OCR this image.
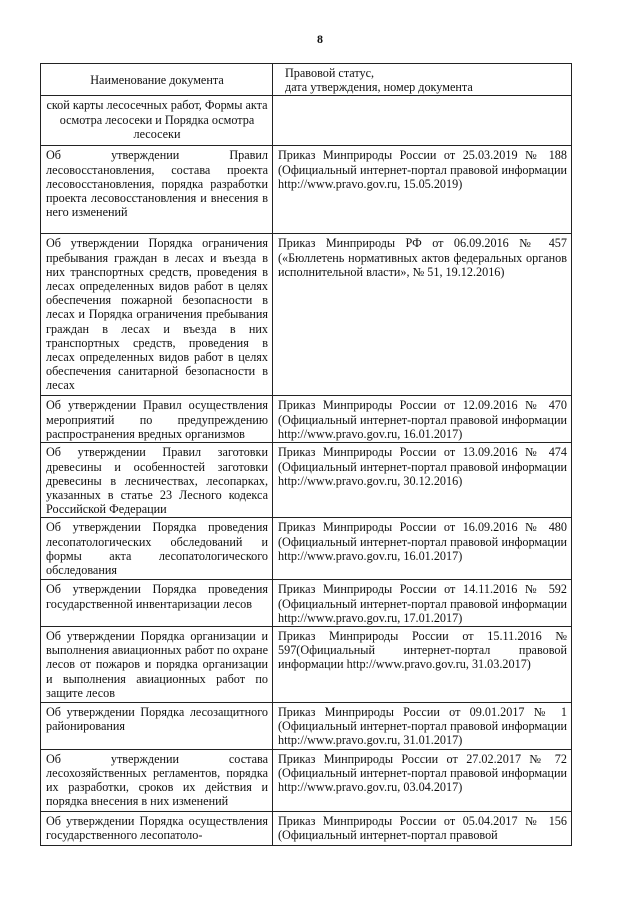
8
Наименование документа	Правовой статус,
дата утверждения, номер документа

ской карты лесосечных работ, Формы акта осмотра лесосеки и Порядка осмотра лесосеки	
Об утверждении Правил лесовосстановления, состава проекта лесовосстановления, порядка разработки проекта лесовосстановления и внесения в него изменений	Приказ Минприроды России от 25.03.2019 № 188 (Официальный интернет-портал правовой информации http://www.pravo.gov.ru, 15.05.2019)
Об утверждении Порядка ограничения пребывания граждан в лесах и въезда в них транспортных средств, проведения в лесах определенных видов работ в целях обеспечения пожарной безопасности в лесах и Порядка ограничения пребывания граждан в лесах и въезда в них транспортных средств, проведения в лесах определенных видов работ в целях обеспечения санитарной безопасности в лесах	Приказ Минприроды РФ от 06.09.2016 № 457 («Бюллетень нормативных актов федеральных органов исполнительной власти», № 51, 19.12.2016)
Об утверждении Правил осуществления мероприятий по предупреждению распространения вредных организмов	Приказ Минприроды России от 12.09.2016 № 470 (Официальный интернет-портал правовой информации http://www.pravo.gov.ru, 16.01.2017)
Об утверждении Правил заготовки древесины и особенностей заготовки древесины в лесничествах, лесопарках, указанных в статье 23 Лесного кодекса Российской Федерации	Приказ Минприроды России от 13.09.2016 № 474 (Официальный интернет-портал правовой информации http://www.pravo.gov.ru, 30.12.2016)
Об утверждении Порядка проведения лесопатологических обследований и формы акта лесопатологического обследования	Приказ Минприроды России от 16.09.2016 № 480 (Официальный интернет-портал правовой информации http://www.pravo.gov.ru, 16.01.2017)
Об утверждении Порядка проведения государственной инвентаризации лесов	Приказ Минприроды России от 14.11.2016 № 592 (Официальный интернет-портал правовой информации http://www.pravo.gov.ru, 17.01.2017)
Об утверждении Порядка организации и выполнения авиационных работ по охране лесов от пожаров и порядка организации и выполнения авиационных работ по защите лесов	Приказ Минприроды России от 15.11.2016 № 597(Официальный интернет-портал правовой информации http://www.pravo.gov.ru, 31.03.2017)
Об утверждении Порядка лесозащитного районирования	Приказ Минприроды России от 09.01.2017 № 1 (Официальный интернет-портал правовой информации http://www.pravo.gov.ru, 31.01.2017)
Об утверждении состава лесохозяйственных регламентов, порядка их разработки, сроков их действия и порядка внесения в них изменений	Приказ Минприроды России от 27.02.2017 № 72 (Официальный интернет-портал правовой информации http://www.pravo.gov.ru, 03.04.2017)
Об утверждении Порядка осуществления государственного лесопатоло-	Приказ Минприроды России от 05.04.2017 № 156 (Официальный интернет-портал правовой
